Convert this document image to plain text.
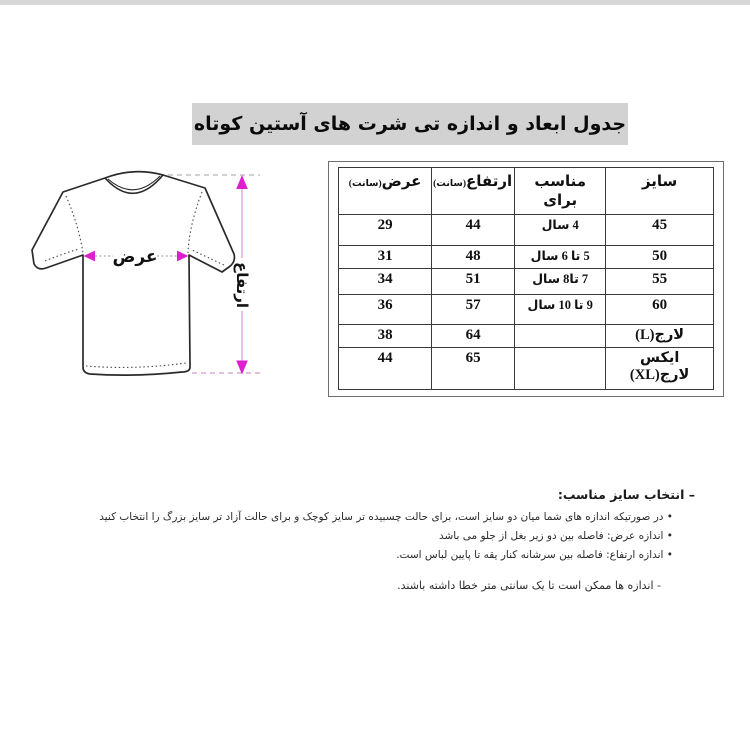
جدول ابعاد و اندازه تی شرت های آستین کوتاه
عرض
ارتفاع
سایز	مناسب برای	ارتفاع(سانت)	عرض(سانت)
45	4 سال	44	29
50	5 تا 6 سال	48	31
55	7 تا8 سال	51	34
60	9 تا 10 سال	57	36
لارج(L)		64	38
ایکس لارج(XL)		65	44
– انتخاب سایز مناسب:
• در صورتیکه اندازه های شما میان دو سایز است، برای حالت چسبیده تر سایز کوچک و برای حالت آزاد تر سایز بزرگ را انتخاب کنید
• اندازه عرض: فاصله بین دو زیر بغل از جلو می باشد
• اندازه ارتفاع: فاصله بین سرشانه کنار یقه تا پایین لباس است.
- اندازه ها ممکن است تا یک سانتی متر خطا داشته باشند.
